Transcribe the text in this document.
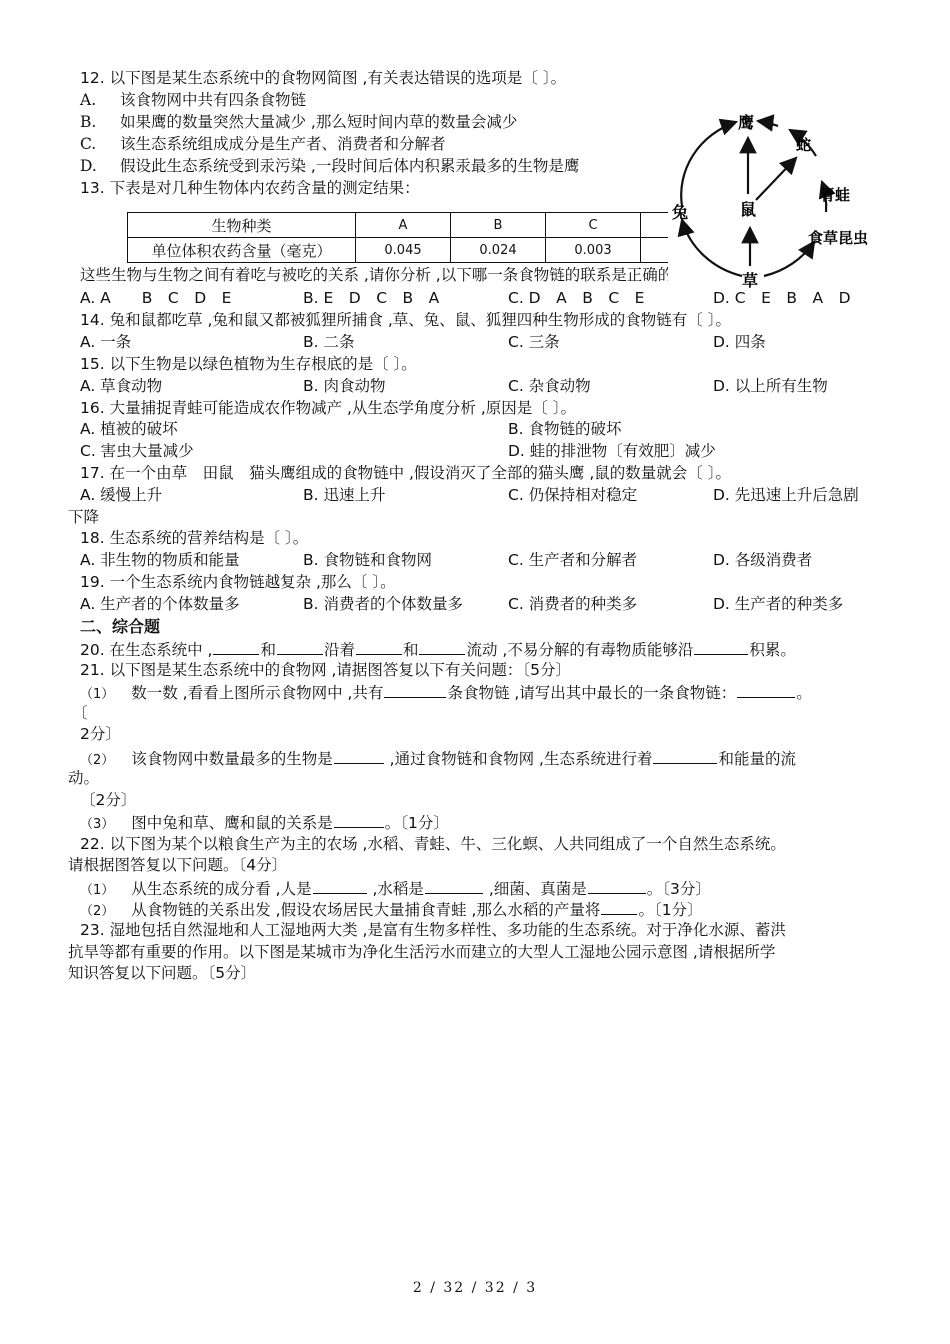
12. 以下图是某生态系统中的食物网简图 ,有关表达错误的选项是〔 〕。
A. 该食物网中共有四条食物链
B. 如果鹰的数量突然大量减少 ,那么短时间内草的数量会减少
C. 该生态系统组成成分是生产者、消费者和分解者
D. 假设此生态系统受到汞污染 ,一段时间后体内积累汞最多的生物是鹰
13. 下表是对几种生物体内农药含量的测定结果：
生物种类	A	B	C	D
单位体积农药含量（毫克）	0.045	0.024	0.003	0.145
这些生物与生物之间有着吃与被吃的关系 ,请你分析 ,以下哪一条食物链的联系是正确的〔 〕。
A. A　　B　C　D　E	B. E　D　C　B　A	C. D　A　B　C　E	D. C　E　B　A　D
鹰
蛇
青蛙
食草昆虫
草
鼠
兔
14. 兔和鼠都吃草 ,兔和鼠又都被狐狸所捕食 ,草、兔、鼠、狐狸四种生物形成的食物链有〔 〕。
A. 一条	B. 二条	C. 三条	D. 四条
15. 以下生物是以绿色植物为生存根底的是〔 〕。
A. 草食动物	B. 肉食动物	C. 杂食动物	D. 以上所有生物
16. 大量捕捉青蛙可能造成农作物减产 ,从生态学角度分析 ,原因是〔 〕。
A. 植被的破坏	B. 食物链的破坏
C. 害虫大量减少	D. 蛙的排泄物〔有效肥〕减少
17. 在一个由草　田鼠　猫头鹰组成的食物链中 ,假设消灭了全部的猫头鹰 ,鼠的数量就会〔 〕。
A. 缓慢上升	B. 迅速上升	C. 仍保持相对稳定	D. 先迅速上升后急剧
下降
18. 生态系统的营养结构是〔 〕。
A. 非生物的物质和能量	B. 食物链和食物网	C. 生产者和分解者	D. 各级消费者
19. 一个生态系统内食物链越复杂 ,那么〔 〕。
A. 生产者的个体数量多	B. 消费者的个体数量多	C. 消费者的种类多	D. 生产者的种类多
二、综合题
20. 在生态系统中 ,	和	沿着	和	流动 ,不易分解的有毒物质能够沿	积累。
21. 以下图是某生态系统中的食物网 ,请据图答复以下有关问题：〔5分〕
（1） 数一数 ,看看上图所示食物网中 ,共有	条食物链 ,请写出其中最长的一条食物链：	。
〔
2分〕
（2） 该食物网中数量最多的生物是	,通过食物链和食物网 ,生态系统进行着	和能量的流
动。
〔2分〕
（3） 图中兔和草、鹰和鼠的关系是	。〔1分〕
22. 以下图为某个以粮食生产为主的农场 ,水稻、青蛙、牛、三化螟、人共同组成了一个自然生态系统。
请根据图答复以下问题。〔4分〕
（1） 从生态系统的成分看 ,人是	,水稻是	,细菌、真菌是	。〔3分〕
（2） 从食物链的关系出发 ,假设农场居民大量捕食青蛙 ,那么水稻的产量将 。〔1分〕
23. 湿地包括自然湿地和人工湿地两大类 ,是富有生物多样性、多功能的生态系统。对于净化水源、蓄洪
抗旱等都有重要的作用。以下图是某城市为净化生活污水而建立的大型人工湿地公园示意图 ,请根据所学
知识答复以下问题。〔5分〕
2 / 32 / 32 / 3
